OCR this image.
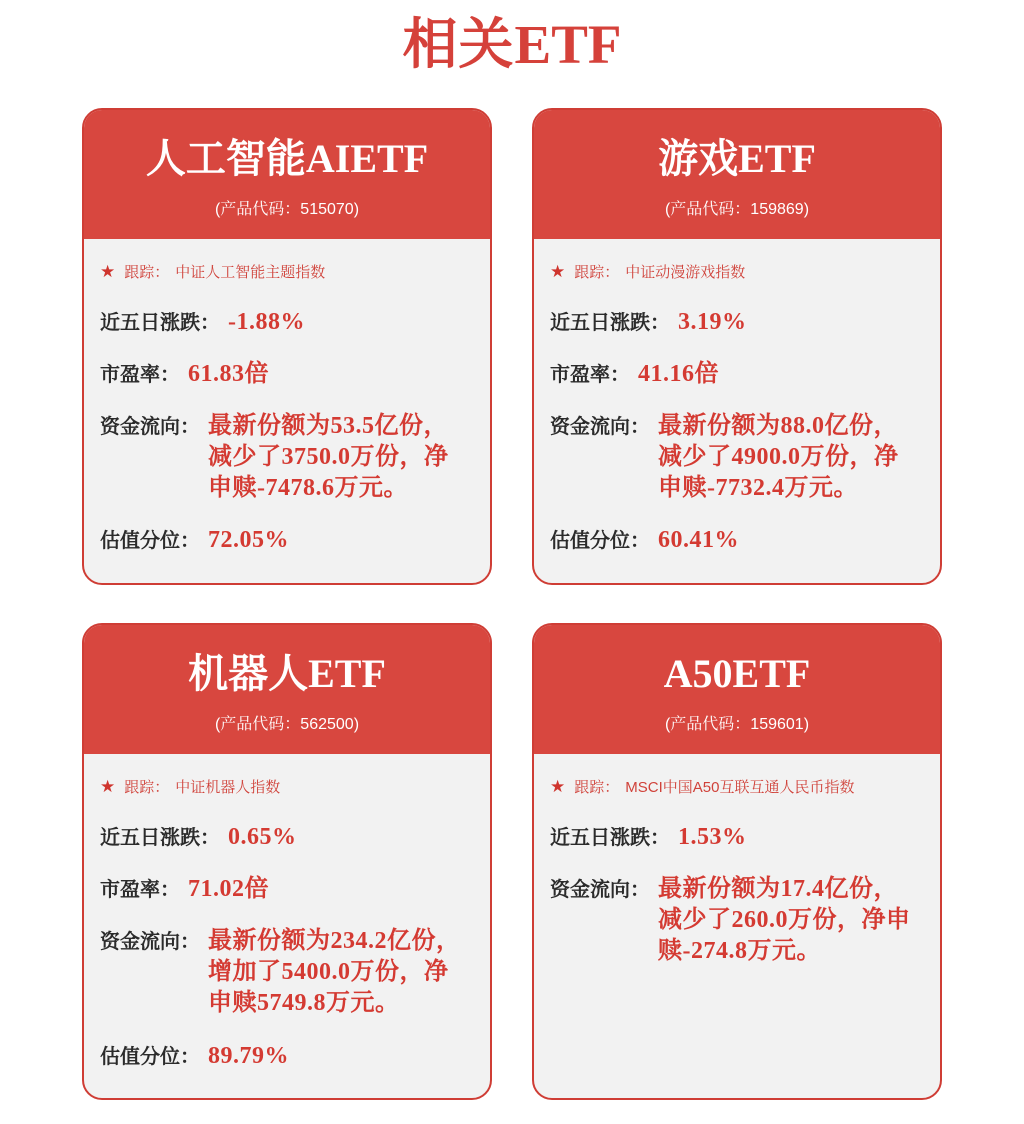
相关ETF
人工智能AIETF
(产品代码：515070)
★ 跟踪： 中证人工智能主题指数
近五日涨跌： -1.88%
市盈率： 61.83倍
资金流向： 最新份额为53.5亿份，减少了3750.0万份，净申赎-7478.6万元。
估值分位： 72.05%
游戏ETF
(产品代码：159869)
★ 跟踪： 中证动漫游戏指数
近五日涨跌： 3.19%
市盈率： 41.16倍
资金流向： 最新份额为88.0亿份，减少了4900.0万份，净申赎-7732.4万元。
估值分位： 60.41%
机器人ETF
(产品代码：562500)
★ 跟踪： 中证机器人指数
近五日涨跌： 0.65%
市盈率： 71.02倍
资金流向： 最新份额为234.2亿份，增加了5400.0万份，净申赎5749.8万元。
估值分位： 89.79%
A50ETF
(产品代码：159601)
★ 跟踪： MSCI中国A50互联互通人民币指数
近五日涨跌： 1.53%
资金流向： 最新份额为17.4亿份，减少了260.0万份，净申赎-274.8万元。
